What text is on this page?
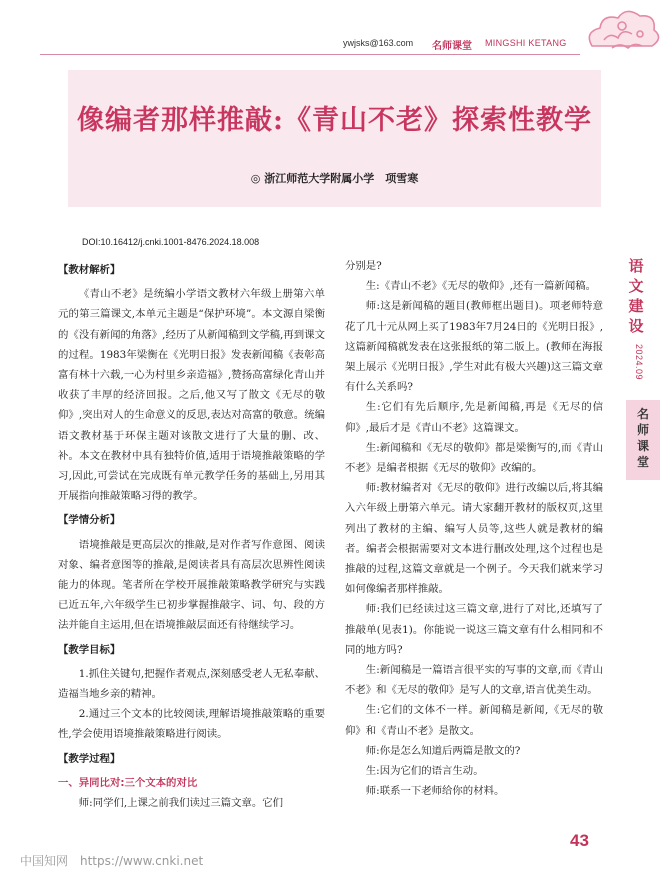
ywjsks@163.com 名师课堂 MINGSHI KETANG
像编者那样推敲:《青山不老》探索性教学
◎ 浙江师范大学附属小学　项雪寒
DOI:10.16412/j.cnki.1001-8476.2024.18.008

【教材解析】

《青山不老》是统编小学语文教材六年级上册第六单元的第三篇课文,本单元主题是“保护环境”。本文源自梁衡的《没有新闻的角落》,经历了从新闻稿到文学稿,再到课文的过程。1983年梁衡在《光明日报》发表新闻稿《表彰高富有林十六载,一心为村里乡亲造福》,赞扬高富绿化青山并收获了丰厚的经济回报。之后,他又写了散文《无尽的敬仰》,突出对人的生命意义的反思,表达对高富的敬意。统编语文教材基于环保主题对该散文进行了大量的删、改、补。本文在教材中具有独特价值,适用于语境推敲策略的学习,因此,可尝试在完成既有单元教学任务的基础上,另用其开展指向推敲策略习得的教学。

【学情分析】

语境推敲是更高层次的推敲,是对作者写作意图、阅读对象、编者意图等的推敲,是阅读者具有高层次思辨性阅读能力的体现。笔者所在学校开展推敲策略教学研究与实践已近五年,六年级学生已初步掌握推敲字、词、句、段的方法并能自主运用,但在语境推敲层面还有待继续学习。

【教学目标】

1.抓住关键句,把握作者观点,深刻感受老人无私奉献、造福当地乡亲的精神。

2.通过三个文本的比较阅读,理解语境推敲策略的重要性,学会使用语境推敲策略进行阅读。

【教学过程】

一、异同比对:三个文本的对比

师:同学们,上课之前我们读过三篇文章。它们

分别是?

生:《青山不老》《无尽的敬仰》,还有一篇新闻稿。

师:这是新闻稿的题目(教师框出题目)。项老师特意花了几十元从网上买了1983年7月24日的《光明日报》,这篇新闻稿就发表在这张报纸的第二版上。(教师在海报架上展示《光明日报》,学生对此有极大兴趣)这三篇文章有什么关系吗?

生:它们有先后顺序,先是新闻稿,再是《无尽的信仰》,最后才是《青山不老》这篇课文。

生:新闻稿和《无尽的敬仰》都是梁衡写的,而《青山不老》是编者根据《无尽的敬仰》改编的。

师:教材编者对《无尽的敬仰》进行改编以后,将其编入六年级上册第六单元。请大家翻开教材的版权页,这里列出了教材的主编、编写人员等,这些人就是教材的编者。编者会根据需要对文本进行删改处理,这个过程也是推敲的过程,这篇文章就是一个例子。今天我们就来学习如何像编者那样推敲。

师:我们已经读过这三篇文章,进行了对比,还填写了推敲单(见表1)。你能说一说这三篇文章有什么相同和不同的地方吗?

生:新闻稿是一篇语言很平实的写事的文章,而《青山不老》和《无尽的敬仰》是写人的文章,语言优美生动。

生:它们的文体不一样。新闻稿是新闻,《无尽的敬仰》和《青山不老》是散文。

师:你是怎么知道后两篇是散文的?

生:因为它们的语言生动。

师:联系一下老师给你的材料。

语
文
建
设
2024.09
名
师
课
堂
43
中国知网　https://www.cnki.net
